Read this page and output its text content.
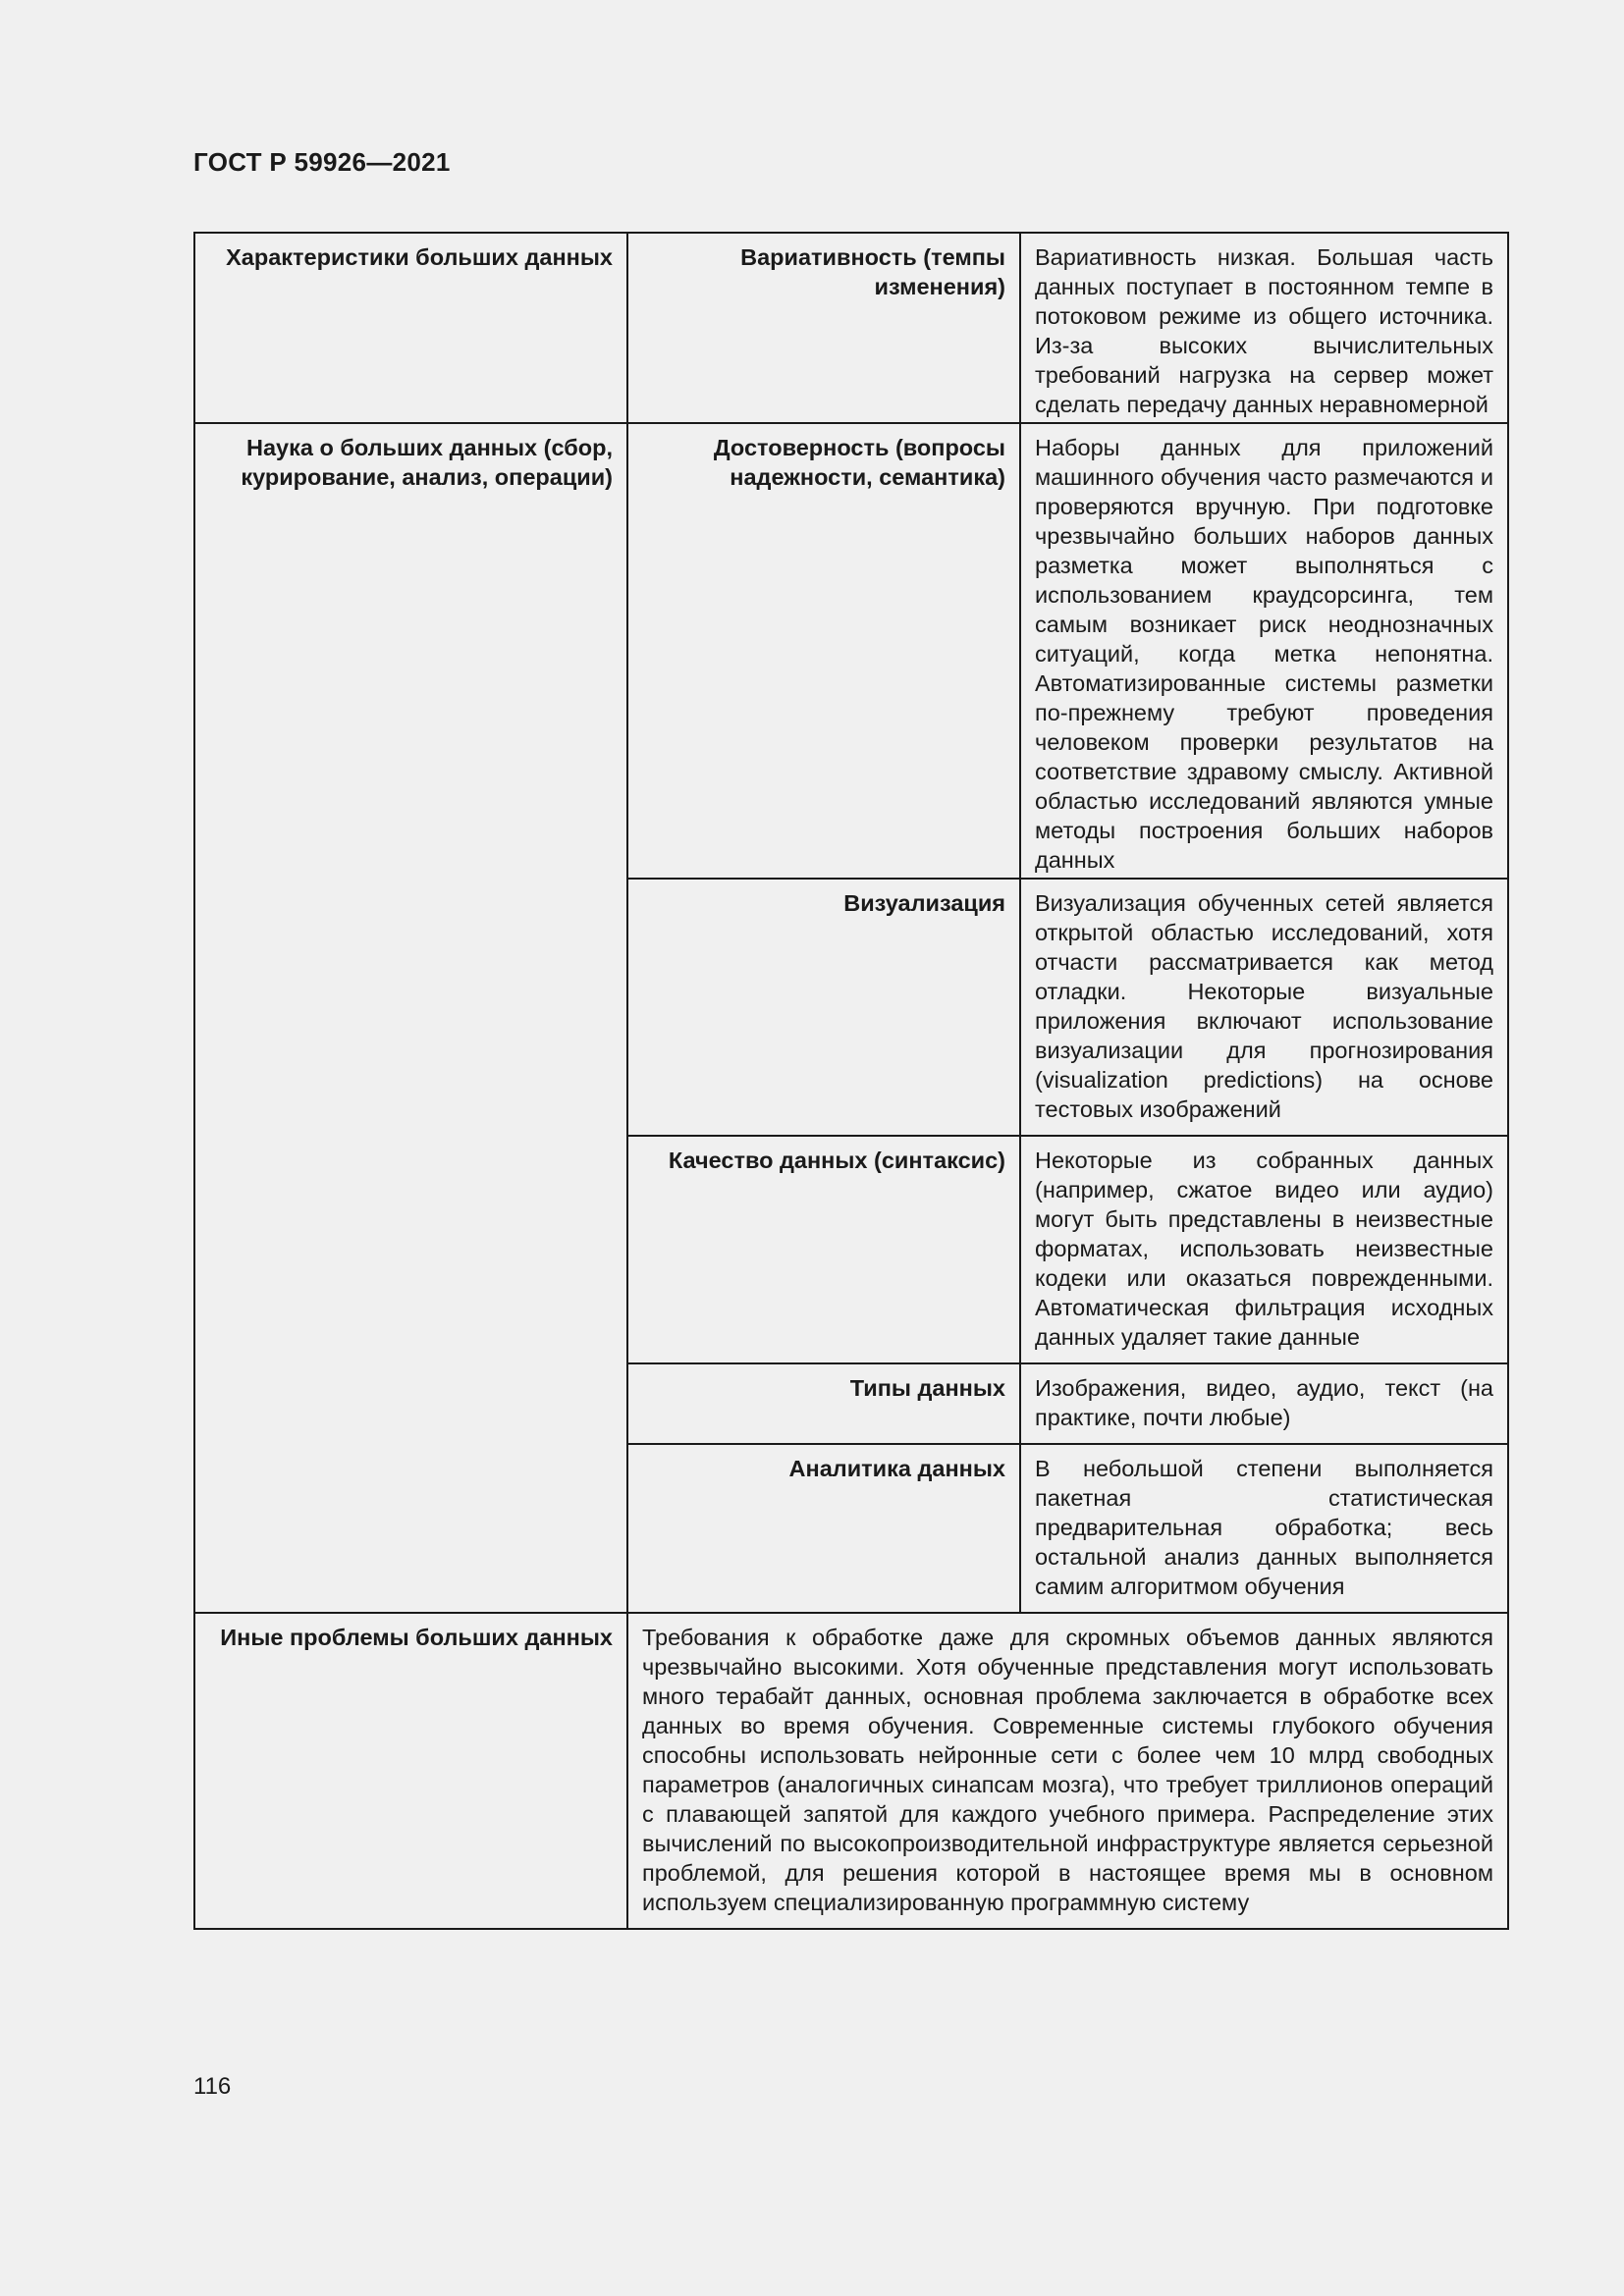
ГОСТ Р 59926—2021
Характеристики больших данных	Вариативность (темпы изменения)	Вариативность низкая. Большая часть данных поступает в постоянном темпе в потоковом режиме из общего источника. Из-за высоких вычислительных требований нагрузка на сервер может сделать передачу данных неравномерной
Наука о больших данных (сбор, курирование, анализ, операции)	Достоверность (вопросы надежности, семантика)	Наборы данных для приложений машинного обучения часто размечаются и проверяются вручную. При подготовке чрезвычайно больших наборов данных разметка может выполняться с использованием краудсорсинга, тем самым возникает риск неоднозначных ситуаций, когда метка непонятна. Автоматизированные системы разметки по-прежнему требуют проведения человеком проверки результатов на соответствие здравому смыслу. Активной областью исследований являются умные методы построения больших наборов данных
	Визуализация	Визуализация обученных сетей является открытой областью исследований, хотя отчасти рассматривается как метод отладки. Некоторые визуальные приложения включают использование визуализации для прогнозирования (visualization predictions) на основе тестовых изображений
	Качество данных (синтаксис)	Некоторые из собранных данных (например, сжатое видео или аудио) могут быть представлены в неизвестные форматах, использовать неизвестные кодеки или оказаться поврежденными. Автоматическая фильтрация исходных данных удаляет такие данные
	Типы данных	Изображения, видео, аудио, текст (на практике, почти любые)
	Аналитика данных	В небольшой степени выполняется пакетная статистическая предварительная обработка; весь остальной анализ данных выполняется самим алгоритмом обучения
Иные проблемы больших данных	Требования к обработке даже для скромных объемов данных являются чрезвычайно высокими. Хотя обученные представления могут использовать много терабайт данных, основная проблема заключается в обработке всех данных во время обучения. Современные системы глубокого обучения способны использовать нейронные сети с более чем 10 млрд свободных параметров (аналогичных синапсам мозга), что требует триллионов операций с плавающей запятой для каждого учебного примера. Распределение этих вычислений по высокопроизводительной инфраструктуре является серьезной проблемой, для решения которой в настоящее время мы в основном используем специализированную программную систему	
116
